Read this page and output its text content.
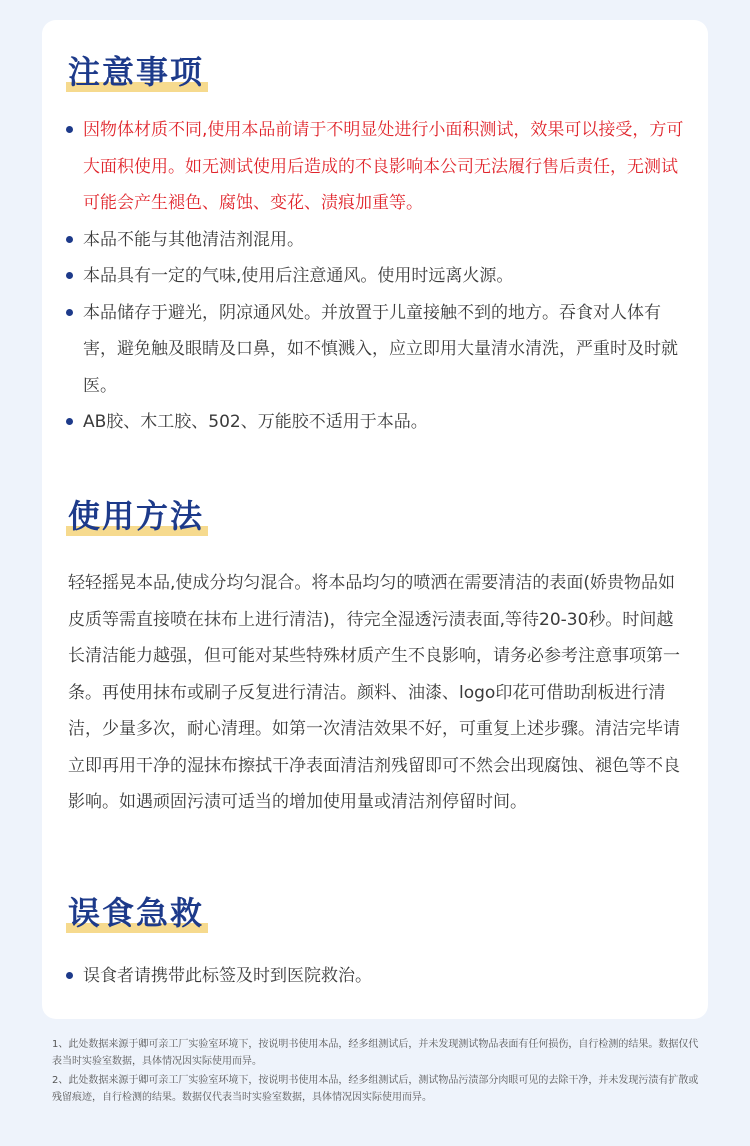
注意事项
因物体材质不同,使用本品前请于不明显处进行小面积测试，效果可以接受，方可大面积使用。如无测试使用后造成的不良影响本公司无法履行售后责任，无测试可能会产生褪色、腐蚀、变花、渍痕加重等。
本品不能与其他清洁剂混用。
本品具有一定的气味,使用后注意通风。使用时远离火源。
本品储存于避光，阴凉通风处。并放置于儿童接触不到的地方。吞食对人体有害，避免触及眼睛及口鼻，如不慎溅入，应立即用大量清水清洗，严重时及时就医。
AB胶、木工胶、502、万能胶不适用于本品。
使用方法

轻轻摇晃本品,使成分均匀混合。将本品均匀的喷洒在需要清洁的表面(娇贵物品如皮质等需直接喷在抹布上进行清洁)，待完全湿透污渍表面,等待20-30秒。时间越长清洁能力越强，但可能对某些特殊材质产生不良影响，请务必参考注意事项第一条。再使用抹布或刷子反复进行清洁。颜料、油漆、logo印花可借助刮板进行清洁，少量多次，耐心清理。如第一次清洁效果不好，可重复上述步骤。清洁完毕请立即再用干净的湿抹布擦拭干净表面清洁剂残留即可不然会出现腐蚀、褪色等不良影响。如遇顽固污渍可适当的增加使用量或清洁剂停留时间。

误食急救
误食者请携带此标签及时到医院救治。

1、此处数据来源于卿可亲工厂实验室环境下，按说明书使用本品，经多组测试后，并未发现测试物品表面有任何损伤，自行检测的结果。数据仅代表当时实验室数据，具体情况因实际使用而异。

2、此处数据来源于卿可亲工厂实验室环境下，按说明书使用本品，经多组测试后，测试物品污渍部分肉眼可见的去除干净，并未发现污渍有扩散或残留痕迹，自行检测的结果。数据仅代表当时实验室数据，具体情况因实际使用而异。
